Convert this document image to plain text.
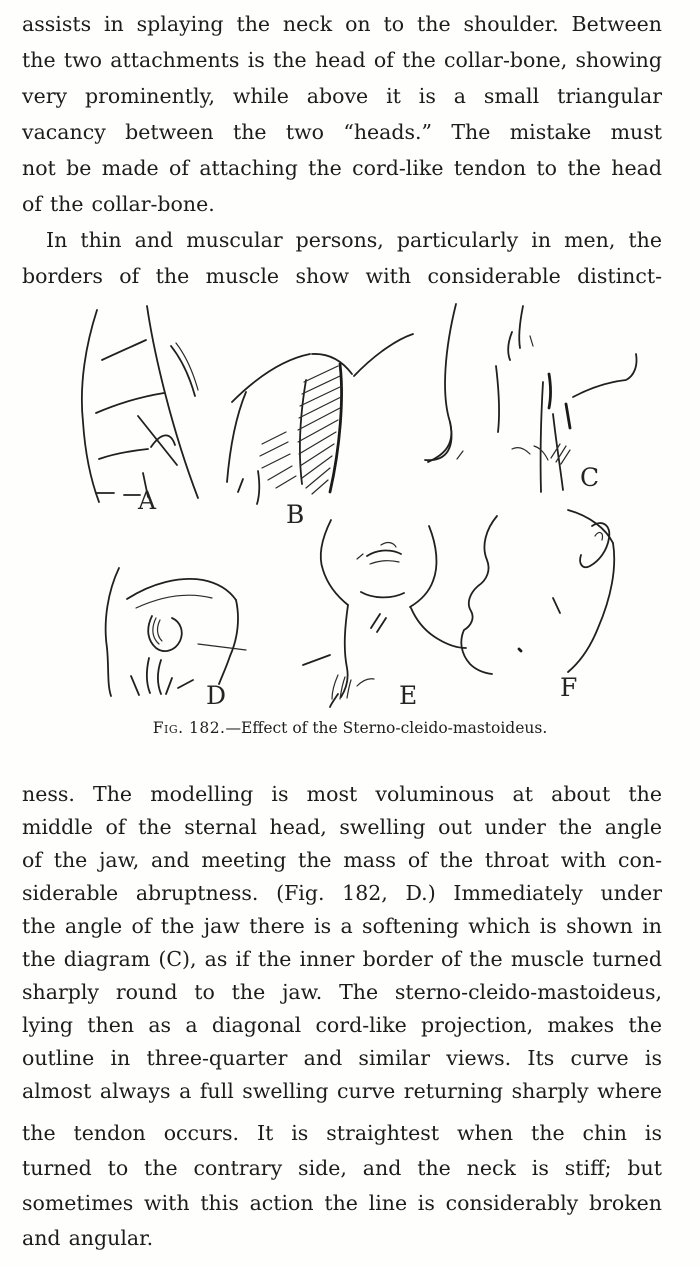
assists in splaying the neck on to the shoulder. Between
the two attachments is the head of the collar-bone, showing
very prominently, while above it is a small triangular
vacancy between the two “heads.” The mistake must
not be made of attaching the cord-like tendon to the head
of the collar-bone.
In thin and muscular persons, particularly in men, the
borders of the muscle show with considerable distinct-
A	B
C
D	E	F
Fig. 182.—Effect of the Sterno-cleido-mastoideus.
ness. The modelling is most voluminous at about the
middle of the sternal head, swelling out under the angle
of the jaw, and meeting the mass of the throat with con-
siderable abruptness. (Fig. 182, D.) Immediately under
the angle of the jaw there is a softening which is shown in
the diagram (C), as if the inner border of the muscle turned
sharply round to the jaw. The sterno-cleido-mastoideus,
lying then as a diagonal cord-like projection, makes the
outline in three-quarter and similar views. Its curve is
almost always a full swelling curve returning sharply where
the tendon occurs. It is straightest when the chin is
turned to the contrary side, and the neck is stiff; but
sometimes with this action the line is considerably broken
and angular.
